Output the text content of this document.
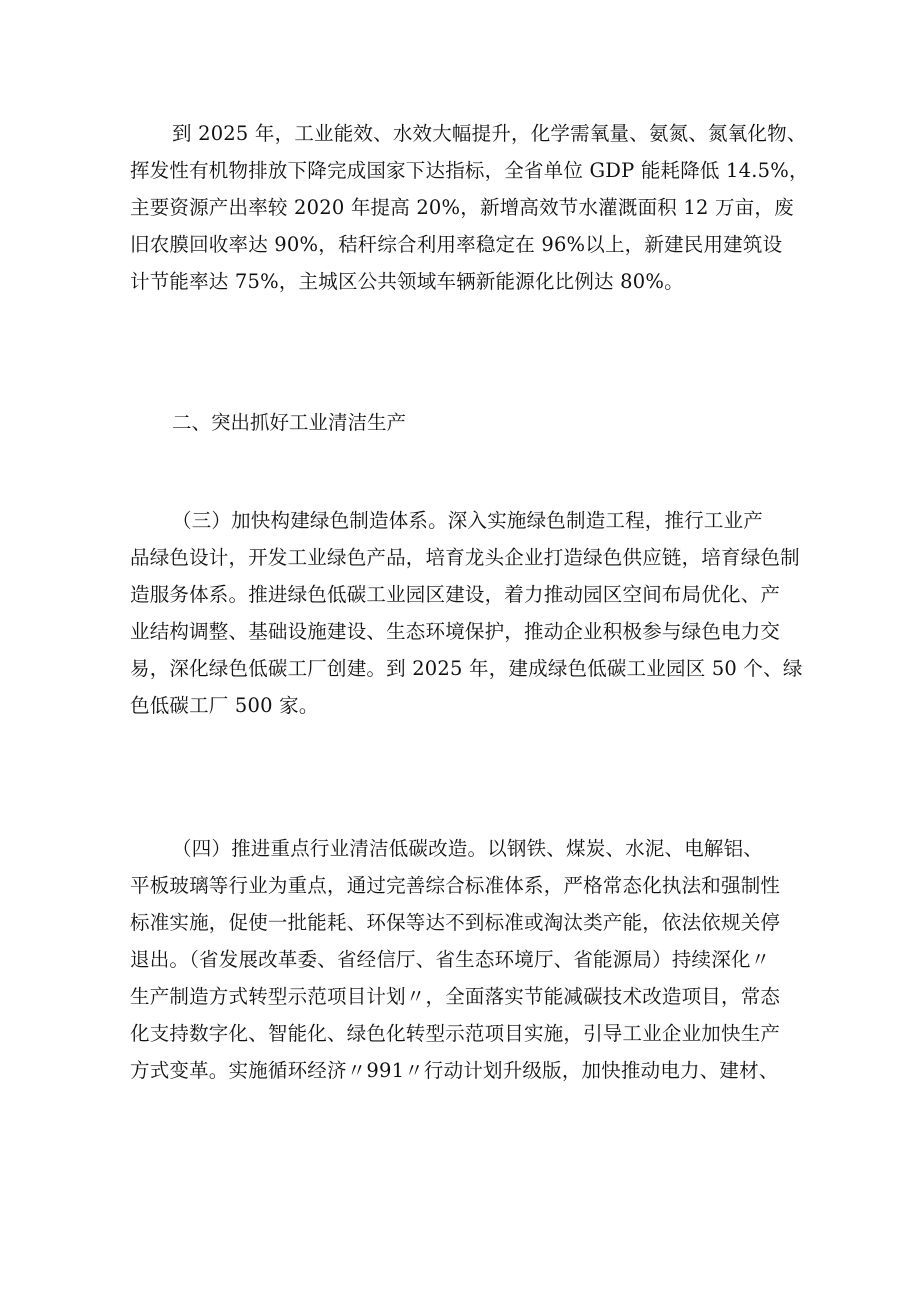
到 2025 年，工业能效、水效大幅提升，化学需氧量、氨氮、氮氧化物、
挥发性有机物排放下降完成国家下达指标，全省单位 GDP 能耗降低 14.5%，
主要资源产出率较 2020 年提高 20%，新增高效节水灌溉面积 12 万亩，废
旧农膜回收率达 90%，秸秆综合利用率稳定在 96%以上，新建民用建筑设
计节能率达 75%，主城区公共领域车辆新能源化比例达 80%。
二、突出抓好工业清洁生产
（三）加快构建绿色制造体系。深入实施绿色制造工程，推行工业产
品绿色设计，开发工业绿色产品，培育龙头企业打造绿色供应链，培育绿色制
造服务体系。推进绿色低碳工业园区建设，着力推动园区空间布局优化、产
业结构调整、基础设施建设、生态环境保护，推动企业积极参与绿色电力交
易，深化绿色低碳工厂创建。到 2025 年，建成绿色低碳工业园区 50 个、绿
色低碳工厂 500 家。
（四）推进重点行业清洁低碳改造。以钢铁、煤炭、水泥、电解铝、
平板玻璃等行业为重点，通过完善综合标准体系，严格常态化执法和强制性
标准实施，促使一批能耗、环保等达不到标准或淘汰类产能，依法依规关停
退出。（省发展改革委、省经信厅、省生态环境厅、省能源局）持续深化〃
生产制造方式转型示范项目计划〃，全面落实节能减碳技术改造项目，常态
化支持数字化、智能化、绿色化转型示范项目实施，引导工业企业加快生产
方式变革。实施循环经济〃991〃行动计划升级版，加快推动电力、建材、
